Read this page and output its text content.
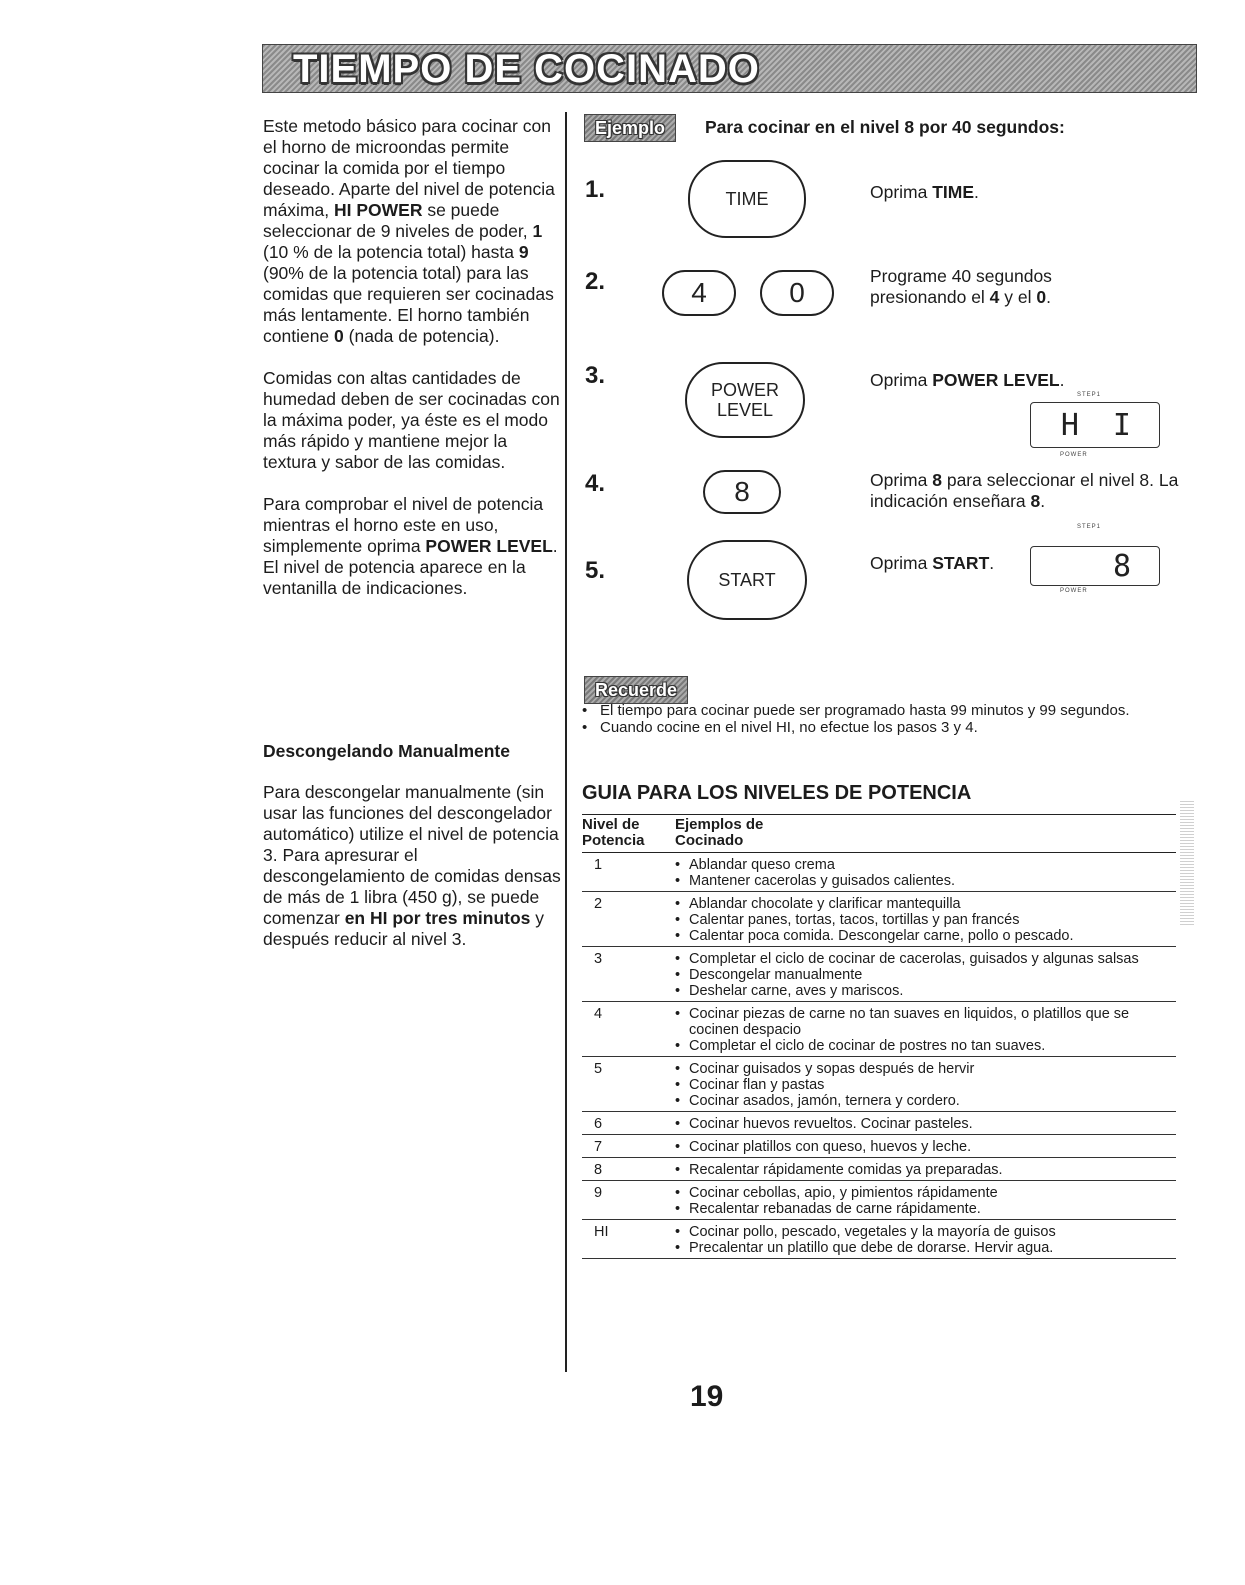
TIEMPO DE COCINADO

Este metodo básico para cocinar con el horno de microondas permite cocinar la comida por el tiempo deseado. Aparte del nivel de potencia máxima, HI POWER se puede seleccionar de 9 niveles de poder, 1 (10 % de la potencia total) hasta 9 (90% de la potencia total) para las comidas que requieren ser cocinadas más lentamente. El horno también contiene 0 (nada de potencia).

Comidas con altas cantidades de humedad deben de ser cocinadas con la máxima poder, ya éste es el modo más rápido y mantiene mejor la textura y sabor de las comidas.

Para comprobar el nivel de potencia mientras el horno este en uso, simplemente oprima POWER LEVEL.
El nivel de potencia aparece en la ventanilla de indicaciones.

Descongelando Manualmente

Para descongelar manualmente (sin usar las funciones del descongelador automático) utilize el nivel de potencia 3. Para apresurar el descongelamiento de comidas densas de más de 1 libra (450 g), se puede comenzar en HI por tres minutos y después reducir al nivel 3.

Ejemplo	Para cocinar en el nivel 8 por 40 segundos:
1.	TIME	Oprima TIME.
2.	4	0
Programe 40 segundos presionando el 4 y el 0.
3.
POWER
LEVEL
Oprima POWER LEVEL.
STEP1
H I
POWER
4.	8	Oprima 8 para seleccionar el nivel 8. La indicación enseñara 8.
5.	START
Oprima START.
STEP1
8
POWER
Recuerde
• El tiempo para cocinar puede ser programado hasta 99 minutos y 99 segundos.
• Cuando cocine en el nivel HI, no efectue los pasos 3 y 4.
GUIA PARA LOS NIVELES DE POTENCIA
Nivel de
Potencia
Ejemplos de
Cocinado
1	• Ablandar queso crema
• Mantener cacerolas y guisados calientes.
2	• Ablandar chocolate y clarificar mantequilla
• Calentar panes, tortas, tacos, tortillas y pan francés
• Calentar poca comida. Descongelar carne, pollo o pescado.
3	• Completar el ciclo de cocinar de cacerolas, guisados y algunas salsas
• Descongelar manualmente
• Deshelar carne, aves y mariscos.
4	• Cocinar piezas de carne no tan suaves en liquidos, o platillos que se cocinen despacio
• Completar el ciclo de cocinar de postres no tan suaves.
5	• Cocinar guisados y sopas después de hervir
• Cocinar flan y pastas
• Cocinar asados, jamón, ternera y cordero.
6	• Cocinar huevos revueltos. Cocinar pasteles.
7	• Cocinar platillos con queso, huevos y leche.
8	• Recalentar rápidamente comidas ya preparadas.
9	• Cocinar cebollas, apio, y pimientos rápidamente
• Recalentar rebanadas de carne rápidamente.
HI	• Cocinar pollo, pescado, vegetales y la mayoría de guisos
• Precalentar un platillo que debe de dorarse. Hervir agua.
19
